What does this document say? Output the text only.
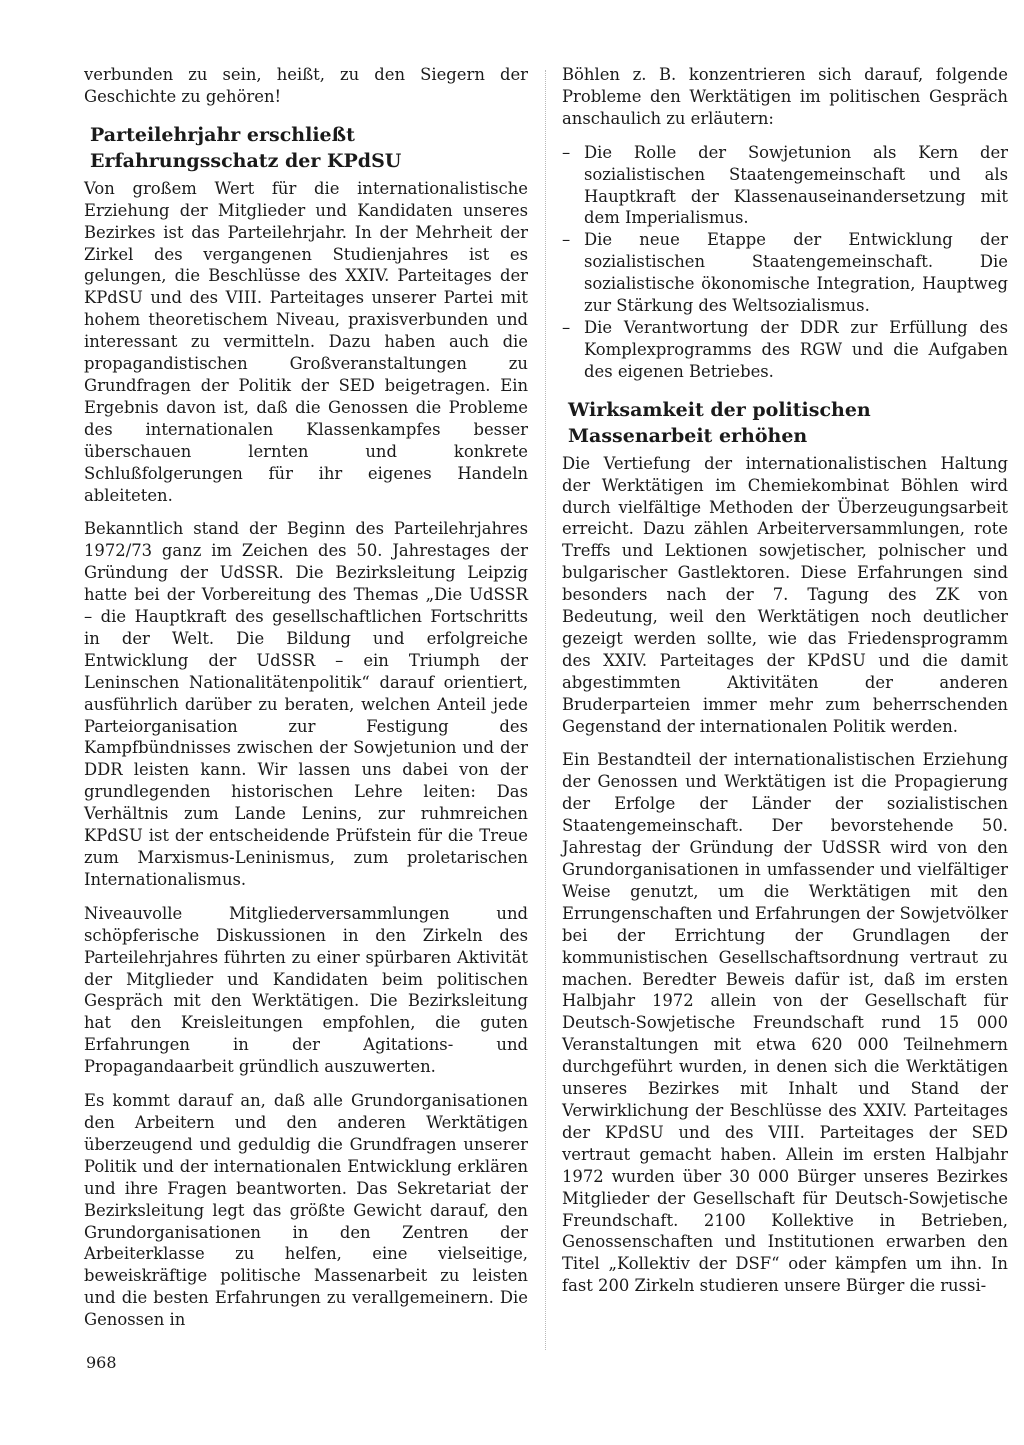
verbunden zu sein, heißt, zu den Siegern der Geschichte zu gehören!

Parteilehrjahr erschließt Erfahrungsschatz der KPdSU

Von großem Wert für die internationalistische Erziehung der Mitglieder und Kandidaten unseres Bezirkes ist das Parteilehrjahr. In der Mehrheit der Zirkel des vergangenen Studienjahres ist es gelungen, die Beschlüsse des XXIV. Parteitages der KPdSU und des VIII. Parteitages unserer Partei mit hohem theoretischem Niveau, praxisverbunden und interessant zu vermitteln. Dazu haben auch die propagandistischen Großveranstaltungen zu Grundfragen der Politik der SED beigetragen. Ein Ergebnis davon ist, daß die Genossen die Probleme des internationalen Klassenkampfes besser überschauen lernten und konkrete Schlußfolgerungen für ihr eigenes Handeln ableiteten.

Bekanntlich stand der Beginn des Parteilehrjahres 1972/73 ganz im Zeichen des 50. Jahrestages der Gründung der UdSSR. Die Bezirksleitung Leipzig hatte bei der Vorbereitung des Themas „Die UdSSR – die Hauptkraft des gesellschaftlichen Fortschritts in der Welt. Die Bildung und erfolgreiche Entwicklung der UdSSR – ein Triumph der Leninschen Nationalitätenpolitik“ darauf orientiert, ausführlich darüber zu beraten, welchen Anteil jede Parteiorganisation zur Festigung des Kampfbündnisses zwischen der Sowjetunion und der DDR leisten kann. Wir lassen uns dabei von der grundlegenden historischen Lehre leiten: Das Verhältnis zum Lande Lenins, zur ruhmreichen KPdSU ist der entscheidende Prüfstein für die Treue zum Marxismus-Leninismus, zum proletarischen Internationalismus.

Niveauvolle Mitgliederversammlungen und schöpferische Diskussionen in den Zirkeln des Parteilehrjahres führten zu einer spürbaren Aktivität der Mitglieder und Kandidaten beim politischen Gespräch mit den Werktätigen. Die Bezirksleitung hat den Kreisleitungen empfohlen, die guten Erfahrungen in der Agitations- und Propagandaarbeit gründlich auszuwerten.

Es kommt darauf an, daß alle Grundorganisationen den Arbeitern und den anderen Werktätigen überzeugend und geduldig die Grundfragen unserer Politik und der internationalen Entwicklung erklären und ihre Fragen beantworten. Das Sekretariat der Bezirksleitung legt das größte Gewicht darauf, den Grundorganisationen in den Zentren der Arbeiterklasse zu helfen, eine vielseitige, beweiskräftige politische Massenarbeit zu leisten und die besten Erfahrungen zu verallgemeinern. Die Genossen in

Böhlen z. B. konzentrieren sich darauf, folgende Probleme den Werktätigen im politischen Gespräch anschaulich zu erläutern:

– Die Rolle der Sowjetunion als Kern der sozialistischen Staatengemeinschaft und als Hauptkraft der Klassenauseinandersetzung mit dem Imperialismus.
– Die neue Etappe der Entwicklung der sozialistischen Staatengemeinschaft. Die sozialistische ökonomische Integration, Hauptweg zur Stärkung des Weltsozialismus.
– Die Verantwortung der DDR zur Erfüllung des Komplexprogramms des RGW und die Aufgaben des eigenen Betriebes.
Wirksamkeit der politischen Massenarbeit erhöhen

Die Vertiefung der internationalistischen Haltung der Werktätigen im Chemiekombinat Böhlen wird durch vielfältige Methoden der Überzeugungsarbeit erreicht. Dazu zählen Arbeiterversammlungen, rote Treffs und Lektionen sowjetischer, polnischer und bulgarischer Gastlektoren. Diese Erfahrungen sind besonders nach der 7. Tagung des ZK von Bedeutung, weil den Werktätigen noch deutlicher gezeigt werden sollte, wie das Friedensprogramm des XXIV. Parteitages der KPdSU und die damit abgestimmten Aktivitäten der anderen Bruderparteien immer mehr zum beherrschenden Gegenstand der internationalen Politik werden.

Ein Bestandteil der internationalistischen Erziehung der Genossen und Werktätigen ist die Propagierung der Erfolge der Länder der sozialistischen Staatengemeinschaft. Der bevorstehende 50. Jahrestag der Gründung der UdSSR wird von den Grundorganisationen in umfassender und vielfältiger Weise genutzt, um die Werktätigen mit den Errungenschaften und Erfahrungen der Sowjetvölker bei der Errichtung der Grundlagen der kommunistischen Gesellschaftsordnung vertraut zu machen. Beredter Beweis dafür ist, daß im ersten Halbjahr 1972 allein von der Gesellschaft für Deutsch-Sowjetische Freundschaft rund 15 000 Veranstaltungen mit etwa 620 000 Teilnehmern durchgeführt wurden, in denen sich die Werktätigen unseres Bezirkes mit Inhalt und Stand der Verwirklichung der Beschlüsse des XXIV. Parteitages der KPdSU und des VIII. Parteitages der SED vertraut gemacht haben. Allein im ersten Halbjahr 1972 wurden über 30 000 Bürger unseres Bezirkes Mitglieder der Gesellschaft für Deutsch-Sowjetische Freundschaft. 2100 Kollektive in Betrieben, Genossenschaften und Institutionen erwarben den Titel „Kollektiv der DSF“ oder kämpfen um ihn. In fast 200 Zirkeln studieren unsere Bürger die russi-

968
